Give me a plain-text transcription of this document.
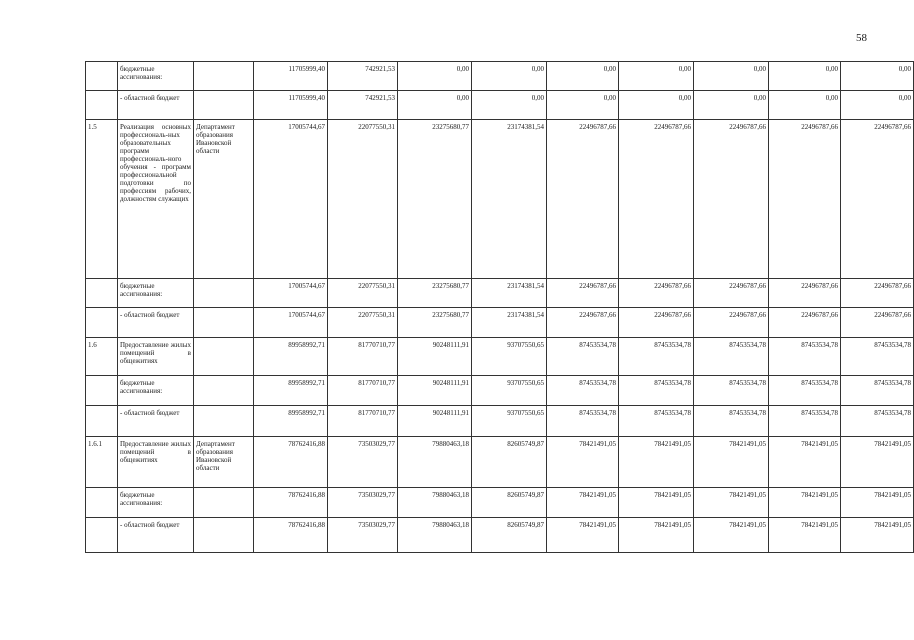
58
	бюджетные ассигнования:		11705999,40	742921,53	0,00	0,00	0,00	0,00	0,00	0,00	0,00
	- областной бюджет		11705999,40	742921,53	0,00	0,00	0,00	0,00	0,00	0,00	0,00
1.5	Реализация основных профессиональ-ных образовательных программ профессиональ-ного обучения - программ профессиональной подготовки по профессиям рабочих, должностям служащих	Департамент образования Ивановской области	17005744,67	22077550,31	23275680,77	23174381,54	22496787,66	22496787,66	22496787,66	22496787,66	22496787,66
	бюджетные ассигнования:		17005744,67	22077550,31	23275680,77	23174381,54	22496787,66	22496787,66	22496787,66	22496787,66	22496787,66
	- областной бюджет		17005744,67	22077550,31	23275680,77	23174381,54	22496787,66	22496787,66	22496787,66	22496787,66	22496787,66
1.6	Предоставление жилых помещений в общежитиях		89958992,71	81770710,77	90248111,91	93707550,65	87453534,78	87453534,78	87453534,78	87453534,78	87453534,78
	бюджетные ассигнования:		89958992,71	81770710,77	90248111,91	93707550,65	87453534,78	87453534,78	87453534,78	87453534,78	87453534,78
	- областной бюджет		89958992,71	81770710,77	90248111,91	93707550,65	87453534,78	87453534,78	87453534,78	87453534,78	87453534,78
1.6.1	Предоставление жилых помещений в общежитиях	Департамент образования Ивановской области	78762416,88	73503029,77	79880463,18	82605749,87	78421491,05	78421491,05	78421491,05	78421491,05	78421491,05
	бюджетные ассигнования:		78762416,88	73503029,77	79880463,18	82605749,87	78421491,05	78421491,05	78421491,05	78421491,05	78421491,05
	- областной бюджет		78762416,88	73503029,77	79880463,18	82605749,87	78421491,05	78421491,05	78421491,05	78421491,05	78421491,05
